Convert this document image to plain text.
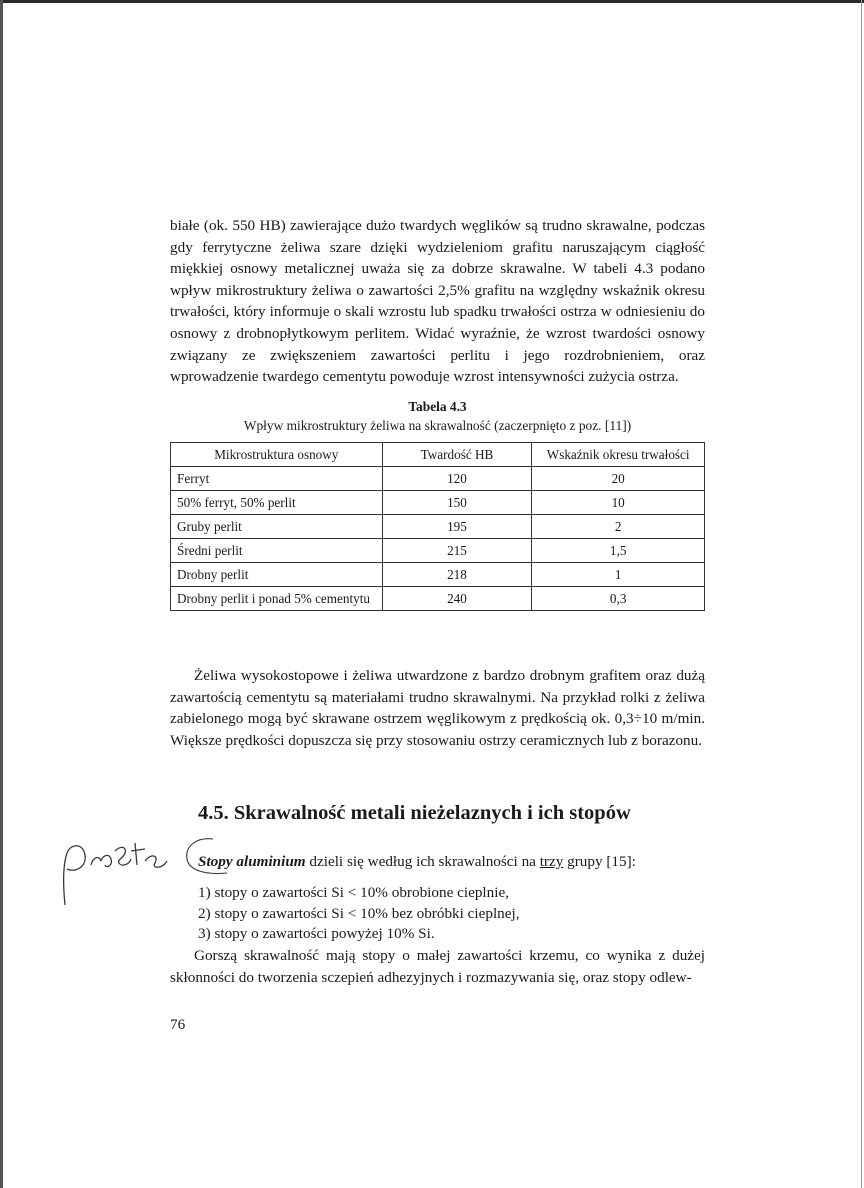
białe (ok. 550 HB) zawierające dużo twardych węglików są trudno skrawalne, podczas gdy ferrytyczne żeliwa szare dzięki wydzieleniom grafitu naruszającym ciągłość miękkiej osnowy metalicznej uważa się za dobrze skrawalne. W tabeli 4.3 podano wpływ mikrostruktury żeliwa o zawartości 2,5% grafitu na względny wskaźnik okresu trwałości, który informuje o skali wzrostu lub spadku trwałości ostrza w odniesieniu do osnowy z drobnopłytkowym perlitem. Widać wyraźnie, że wzrost twardości osnowy związany ze zwiększeniem zawartości perlitu i jego rozdrobnieniem, oraz wprowadzenie twardego cementytu powoduje wzrost intensywności zużycia ostrza.

Tabela 4.3
Wpływ mikrostruktury żeliwa na skrawalność (zaczerpnięto z poz. [11])
Mikrostruktura osnowy	Twardość HB	Wskaźnik okresu trwałości
Ferryt	120	20
50% ferryt, 50% perlit	150	10
Gruby perlit	195	2
Średni perlit	215	1,5
Drobny perlit	218	1
Drobny perlit i ponad 5% cementytu	240	0,3

Żeliwa wysokostopowe i żeliwa utwardzone z bardzo drobnym grafitem oraz dużą zawartością cementytu są materiałami trudno skrawalnymi. Na przykład rolki z żeliwa zabielonego mogą być skrawane ostrzem węglikowym z prędkością ok. 0,3÷10 m/min. Większe prędkości dopuszcza się przy stosowaniu ostrzy ceramicznych lub z borazonu.

4.5. Skrawalność metali nieżelaznych i ich stopów
Stopy aluminium dzieli się według ich skrawalności na trzy grupy [15]:
1) stopy o zawartości Si < 10% obrobione cieplnie,
2) stopy o zawartości Si < 10% bez obróbki cieplnej,
3) stopy o zawartości powyżej 10% Si.

Gorszą skrawalność mają stopy o małej zawartości krzemu, co wynika z dużej skłonności do tworzenia sczepień adhezyjnych i rozmazywania się, oraz stopy odlew-

76
